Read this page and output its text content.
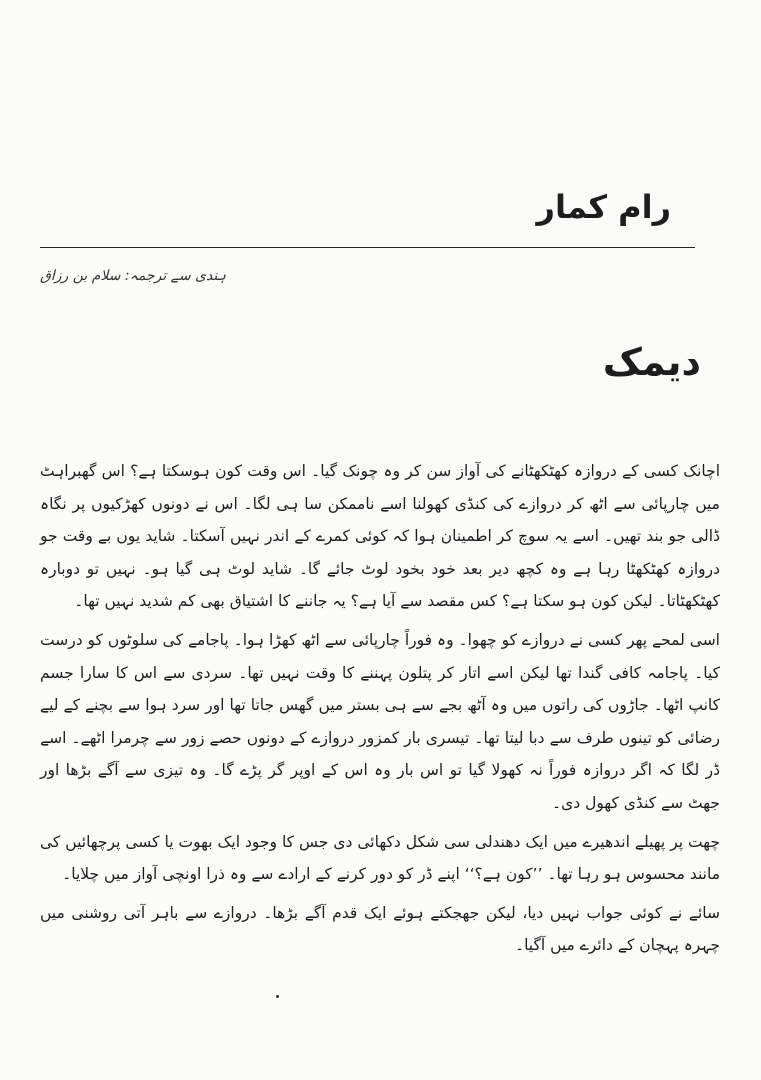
رام کمار
ہندی سے ترجمہ: سلام بن رزاق
دیمک

اچانک کسی کے دروازہ کھٹکھٹانے کی آواز سن کر وہ چونک گیا۔ اس وقت کون ہوسکتا ہے؟ اس گھبراہٹ میں چارپائی سے اٹھ کر دروازے کی کنڈی کھولنا اسے ناممکن سا ہی لگا۔ اس نے دونوں کھڑکیوں پر نگاہ ڈالی جو بند تھیں۔ اسے یہ سوچ کر اطمینان ہوا کہ کوئی کمرے کے اندر نہیں آسکتا۔ شاید یوں بے وقت جو دروازہ کھٹکھٹا رہا ہے وہ کچھ دیر بعد خود بخود لوٹ جائے گا۔ شاید لوٹ ہی گیا ہو۔ نہیں تو دوبارہ کھٹکھٹاتا۔ لیکن کون ہو سکتا ہے؟ کس مقصد سے آیا ہے؟ یہ جاننے کا اشتیاق بھی کم شدید نہیں تھا۔

اسی لمحے پھر کسی نے دروازے کو چھوا۔ وہ فوراً چارپائی سے اٹھ کھڑا ہوا۔ پاجامے کی سلوٹوں کو درست کیا۔ پاجامہ کافی گندا تھا لیکن اسے اتار کر پتلون پہننے کا وقت نہیں تھا۔ سردی سے اس کا سارا جسم کانپ اٹھا۔ جاڑوں کی راتوں میں وہ آٹھ بجے سے ہی بستر میں گھس جاتا تھا اور سرد ہوا سے بچنے کے لیے رضائی کو تینوں طرف سے دبا لیتا تھا۔ تیسری بار کمزور دروازے کے دونوں حصے زور سے چرمرا اٹھے۔ اسے ڈر لگا کہ اگر دروازہ فوراً نہ کھولا گیا تو اس بار وہ اس کے اوپر گر پڑے گا۔ وہ تیزی سے آگے بڑھا اور جھٹ سے کنڈی کھول دی۔

چھت پر پھیلے اندھیرے میں ایک دھندلی سی شکل دکھائی دی جس کا وجود ایک بھوت یا کسی پرچھائیں کی مانند محسوس ہو رہا تھا۔ ’’کون ہے؟‘‘ اپنے ڈر کو دور کرنے کے ارادے سے وہ ذرا اونچی آواز میں چلایا۔

سائے نے کوئی جواب نہیں دیا، لیکن جھجکتے ہوئے ایک قدم آگے بڑھا۔ دروازے سے باہر آتی روشنی میں چہرہ پہچان کے دائرے میں آگیا۔
